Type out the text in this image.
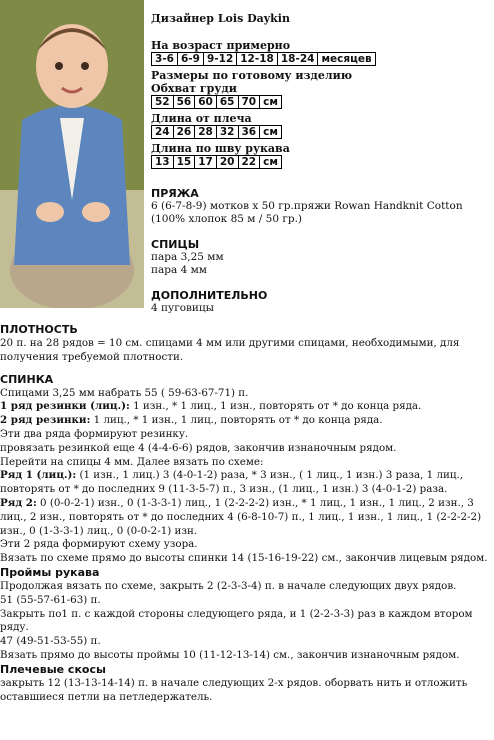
Дизайнер Lois Daykin
На возраст примерно
3-6	6-9	9-12	12-18	18-24	месяцев
Размеры по готовому изделию
Обхват груди
52	56	60	65	70	см
Длина от плеча
24	26	28	32	36	см
Длина по шву рукава
13	15	17	20	22	см
ПРЯЖА
6 (6-7-8-9) мотков х 50 гр.пряжи Rowan Handknit Cotton
(100% хлопок 85 м / 50 гр.)
СПИЦЫ
пара 3,25 мм
пара 4 мм
ДОПОЛНИТЕЛЬНО
4 пуговицы

ПЛОТНОСТЬ

20 п. на 28 рядов = 10 см. спицами 4 мм или другими спицами, необходимыми, для получения требуемой плотности.

СПИНКА

Спицами 3,25 мм набрать 55 ( 59-63-67-71) п.

1 ряд резинки (лиц.): 1 изн., * 1 лиц., 1 изн., повторять от * до конца ряда.

2 ряд резинки: 1 лиц., * 1 изн., 1 лиц., повторять от * до конца ряда.

Эти два ряда формируют резинку.

провязать резинкой еще 4 (4-4-6-6) рядов, закончив изнаночным рядом.

Перейти на спицы 4 мм. Далее вязать по схеме:

Ряд 1 (лиц.): (1 изн., 1 лиц.) 3 (4-0-1-2) раза, * 3 изн., ( 1 лиц., 1 изн.) 3 раза, 1 лиц., повторять от * до последних 9 (11-3-5-7) п., 3 изн., (1 лиц., 1 изн.) 3 (4-0-1-2) раза.

Ряд 2: 0 (0-0-2-1) изн., 0 (1-3-3-1) лиц., 1 (2-2-2-2) изн., * 1 лиц., 1 изн., 1 лиц., 2 изн., 3 лиц., 2 изн., повторять от * до последних 4 (6-8-10-7) п., 1 лиц., 1 изн., 1 лиц., 1 (2-2-2-2) изн., 0 (1-3-3-1) лиц., 0 (0-0-2-1) изн.

Эти 2 ряда формируют схему узора.

Вязать по схеме прямо до высоты спинки 14 (15-16-19-22) см., закончив лицевым рядом.

Проймы рукава

Продолжая вязать по схеме, закрыть 2 (2-3-3-4) п. в начале следующих двух рядов.

51 (55-57-61-63) п.

Закрыть по1 п. с каждой стороны следующего ряда, и 1 (2-2-3-3) раз в каждом втором ряду.

47 (49-51-53-55) п.

Вязать прямо до высоты проймы 10 (11-12-13-14) см., закончив изнаночным рядом.

Плечевые скосы

закрыть 12 (13-13-14-14) п. в начале следующих 2-х рядов. оборвать нить и отложить оставшиеся петли на петледержатель.
